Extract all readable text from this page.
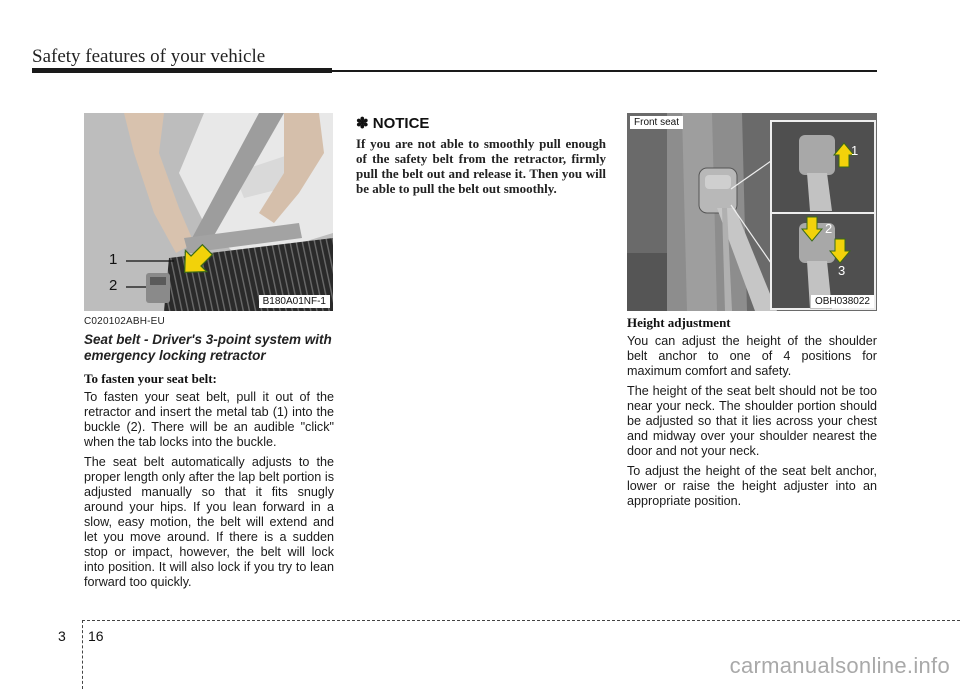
Safety features of your vehicle
1
2
B180A01NF-1
C020102ABH-EU
Seat belt - Driver's 3-point system with emergency locking retractor
To fasten your seat belt:

To fasten your seat belt, pull it out of the retractor and insert the metal tab (1) into the buckle (2). There will be an audible "click" when the tab locks into the buckle.

The seat belt automatically adjusts to the proper length only after the lap belt portion is adjusted manually so that it fits snugly around your hips. If you lean forward in a slow, easy motion, the belt will extend and let you move around. If there is a sudden stop or impact, however, the belt will lock into position. It will also lock if you try to lean forward too quickly.

✽ NOTICE

If you are not able to smoothly pull enough of the safety belt from the retractor, firmly pull the belt out and release it. Then you will be able to pull the belt out smoothly.

Front seat
1
2
3
OBH038022
Height adjustment

You can adjust the height of the shoulder belt anchor to one of 4 positions for maximum comfort and safety.

The height of the seat belt should not be too near your neck. The shoulder portion should be adjusted so that it lies across your chest and midway over your shoulder nearest the door and not your neck.

To adjust the height of the seat belt anchor, lower or raise the height adjuster into an appropriate position.

3 16
carmanualsonline.info
